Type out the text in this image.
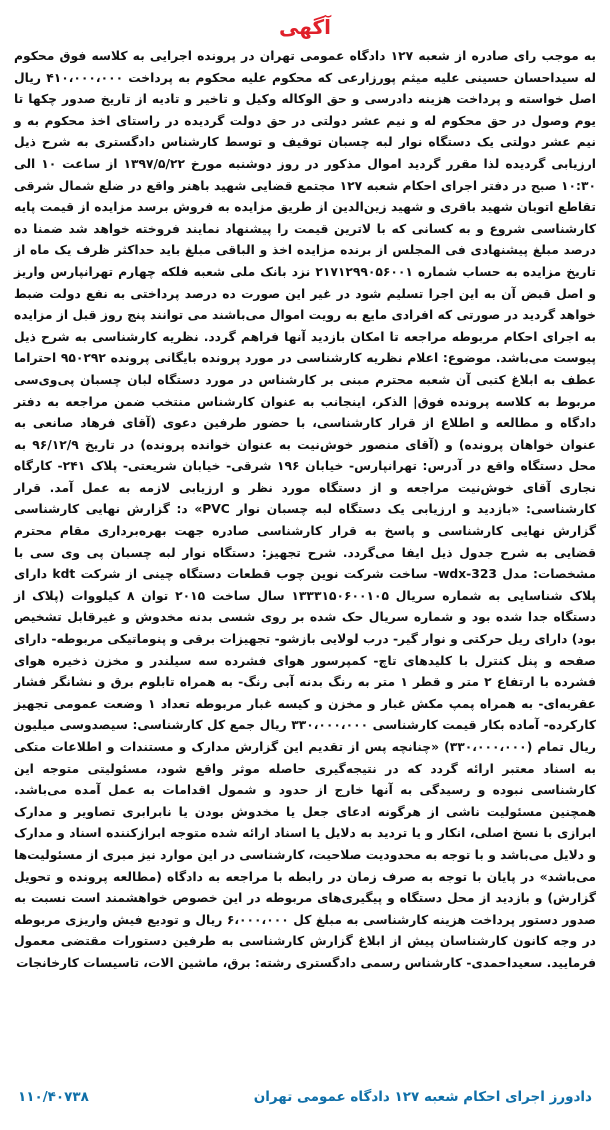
آگهی

به موجب رای صادره از شعبه ۱۲۷ دادگاه عمومی تهران در پرونده اجرایی به کلاسه فوق محکوم له سیداحسان حسینی علیه میثم پورزارعی که محکوم علیه محکوم به پرداخت ۴۱۰،۰۰۰،۰۰۰ ریال اصل خواسته و پرداخت هزینه دادرسی و حق الوکاله وکیل و تاخیر و تادیه از تاریخ صدور چکها تا یوم وصول در حق محکوم له و نیم عشر دولتی در حق دولت گردیده در راستای اخذ محکوم به و نیم عشر دولتی یک دستگاه نوار لبه چسبان توقیف و توسط کارشناس دادگستری به شرح ذیل ارزیابی گردیده لذا مقرر گردید اموال مذکور در روز دوشنبه مورخ ۱۳۹۷/۵/۲۲ از ساعت ۱۰ الی ۱۰:۳۰ صبح در دفتر اجرای احکام شعبه ۱۲۷ مجتمع قضایی شهید باهنر واقع در ضلع شمال شرقی تقاطع اتوبان شهید باقری و شهید زین‌الدین از طریق مزایده به فروش برسد مزایده از قیمت پایه کارشناسی شروع و به کسانی که با لاترین قیمت را پیشنهاد نمایند فروخته خواهد شد ضمنا ده درصد مبلغ پیشنهادی فی المجلس از برنده مزایده اخذ و الباقی مبلغ باید حداکثر ظرف یک ماه از تاریخ مزایده به حساب شماره ۲۱۷۱۲۹۹۰۵۶۰۰۱ نزد بانک ملی شعبه فلکه چهارم تهرانپارس واریز و اصل قبض آن به این اجرا تسلیم شود در غیر این صورت ده درصد پرداختی به نفع دولت ضبط خواهد گردید در صورتی که افرادی مایع به رویت اموال می‌باشند می توانند پنج روز قبل از مزایده به اجرای احکام مربوطه مراجعه تا امکان بازدید آنها فراهم گردد. نظریه کارشناسی به شرح ذیل پیوست می‌باشد. موضوع: اعلام نظریه کارشناسی در مورد پرونده بایگانی پرونده ۹۵۰۲۹۲ احتراما عطف به ابلاغ کتبی آن شعبه محترم مبنی بر کارشناس در مورد دستگاه لبان چسبان پی‌وی‌سی مربوط به کلاسه پرونده فوق| الذکر، اینجانب به عنوان کارشناس منتخب ضمن مراجعه به دفتر دادگاه و مطالعه و اطلاع از قرار کارشناسی، با حضور طرفین دعوی (آقای فرهاد صانعی به عنوان خواهان پرونده) و (آقای منصور خوش‌نیت به عنوان خوانده پرونده) در تاریخ ۹۶/۱۲/۹ به محل دستگاه واقع در آدرس: تهرانپارس- خیابان ۱۹۶ شرقی- خیابان شریعتی- پلاک ۲۴۱- کارگاه نجاری آقای خوش‌نیت مراجعه و از دستگاه مورد نظر و ارزیابی لازمه به عمل آمد. قرار کارشناسی: «بازدید و ارزیابی یک دستگاه لبه چسبان نوار PVC» د: گزارش نهایی کارشناسی گزارش نهایی کارشناسی و پاسخ به قرار کارشناسی صادره جهت بهره‌برداری مقام محترم قضایی به شرح جدول ذیل ایفا می‌گردد. شرح تجهیز: دستگاه نوار لبه چسبان پی وی سی با مشخصات: مدل wdx-323- ساخت شرکت نوین چوب قطعات دستگاه چینی از شرکت kdt دارای پلاک شناسایی به شماره سریال ۱۳۳۳۱۵۰۶۰۰۱۰۵ سال ساخت ۲۰۱۵ توان ۸ کیلووات (پلاک از دستگاه جدا شده بود و شماره سریال حک شده بر روی شسی بدنه مخدوش و غیرقابل تشخیص بود) دارای ریل حرکتی و نوار گیر- درب لولایی بازشو- تجهیزات برقی و پنوماتیکی مربوطه- دارای صفحه و پنل کنترل با کلیدهای تاچ- کمپرسور هوای فشرده سه سیلندر و مخزن ذخیره هوای فشرده با ارتفاع ۲ متر و قطر ۱ متر به رنگ بدنه آبی رنگ- به همراه تابلوم برق و نشانگر فشار عقربه‌ای- به همراه پمپ مکش غبار و مخزن و کیسه غبار مربوطه تعداد ۱ وضعت عمومی تجهیز کارکرده- آماده بکار قیمت کارشناسی ۳۳۰،۰۰۰،۰۰۰ ریال جمع کل کارشناسی: سیصدوسی میلیون ریال تمام (۳۳۰،۰۰۰،۰۰۰) «چنانچه پس از تقدیم این گزارش مدارک و مستندات و اطلاعات متکی به اسناد معتبر ارائه گردد که در نتیجه‌گیری حاصله موثر واقع شود، مسئولیتی متوجه این کارشناسی نبوده و رسیدگی به آنها خارج از حدود و شمول اقدامات به عمل آمده می‌باشد. همچنین مسئولیت ناشی از هرگونه ادعای جعل یا مخدوش بودن یا نابرابری تصاویر و مدارک ابرازی با نسخ اصلی، انکار و یا تردید به دلایل یا اسناد ارائه شده متوجه ابرازکننده اسناد و مدارک و دلایل می‌باشد و با توجه به محدودیت صلاحیت، کارشناسی در این موارد نیز مبری از مسئولیت‌ها می‌باشد» در پایان با توجه به صرف زمان در رابطه با مراجعه به دادگاه (مطالعه پرونده و تحویل گزارش) و بازدید از محل دستگاه و پیگیری‌های مربوطه در این خصوص خواهشمند است نسبت به صدور دستور پرداخت هزینه کارشناسی به مبلغ کل ۶،۰۰۰،۰۰۰ ریال و تودیع فیش واریزی مربوطه در وجه کانون کارشناسان پیش از ابلاغ گزارش کارشناسی به طرفین دستورات مقتضی معمول فرمایید. سعیداحمدی- کارشناس رسمی دادگستری رشته: برق، ماشین الات، تاسیسات کارخانجات

دادورز اجرای احکام شعبه ۱۲۷ دادگاه عمومی تهران
۱۱۰/۴۰۷۳۸
